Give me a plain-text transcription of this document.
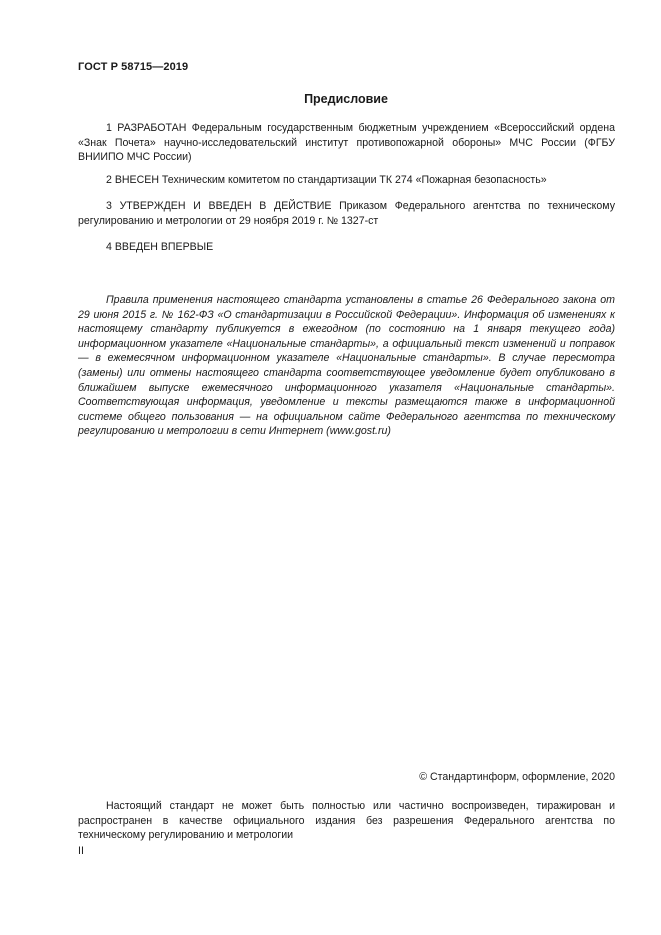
ГОСТ Р 58715—2019
Предисловие

1 РАЗРАБОТАН Федеральным государственным бюджетным учреждением «Всероссийский ордена «Знак Почета» научно-исследовательский институт противопожарной обороны» МЧС России (ФГБУ ВНИИПО МЧС России)

2 ВНЕСЕН Техническим комитетом по стандартизации ТК 274 «Пожарная безопасность»

3 УТВЕРЖДЕН И ВВЕДЕН В ДЕЙСТВИЕ Приказом Федерального агентства по техническому регулированию и метрологии от 29 ноября 2019 г. № 1327-ст

4 ВВЕДЕН ВПЕРВЫЕ

Правила применения настоящего стандарта установлены в статье 26 Федерального закона от 29 июня 2015 г. № 162-ФЗ «О стандартизации в Российской Федерации». Информация об изменениях к настоящему стандарту публикуется в ежегодном (по состоянию на 1 января текущего года) информационном указателе «Национальные стандарты», а официальный текст изменений и поправок — в ежемесячном информационном указателе «Национальные стандарты». В случае пересмотра (замены) или отмены настоящего стандарта соответствующее уведомление будет опубликовано в ближайшем выпуске ежемесячного информационного указателя «Национальные стандарты». Соответствующая информация, уведомление и тексты размещаются также в информационной системе общего пользования — на официальном сайте Федерального агентства по техническому регулированию и метрологии в сети Интернет (www.gost.ru)

© Стандартинформ, оформление, 2020

Настоящий стандарт не может быть полностью или частично воспроизведен, тиражирован и распространен в качестве официального издания без разрешения Федерального агентства по техническому регулированию и метрологии

II
